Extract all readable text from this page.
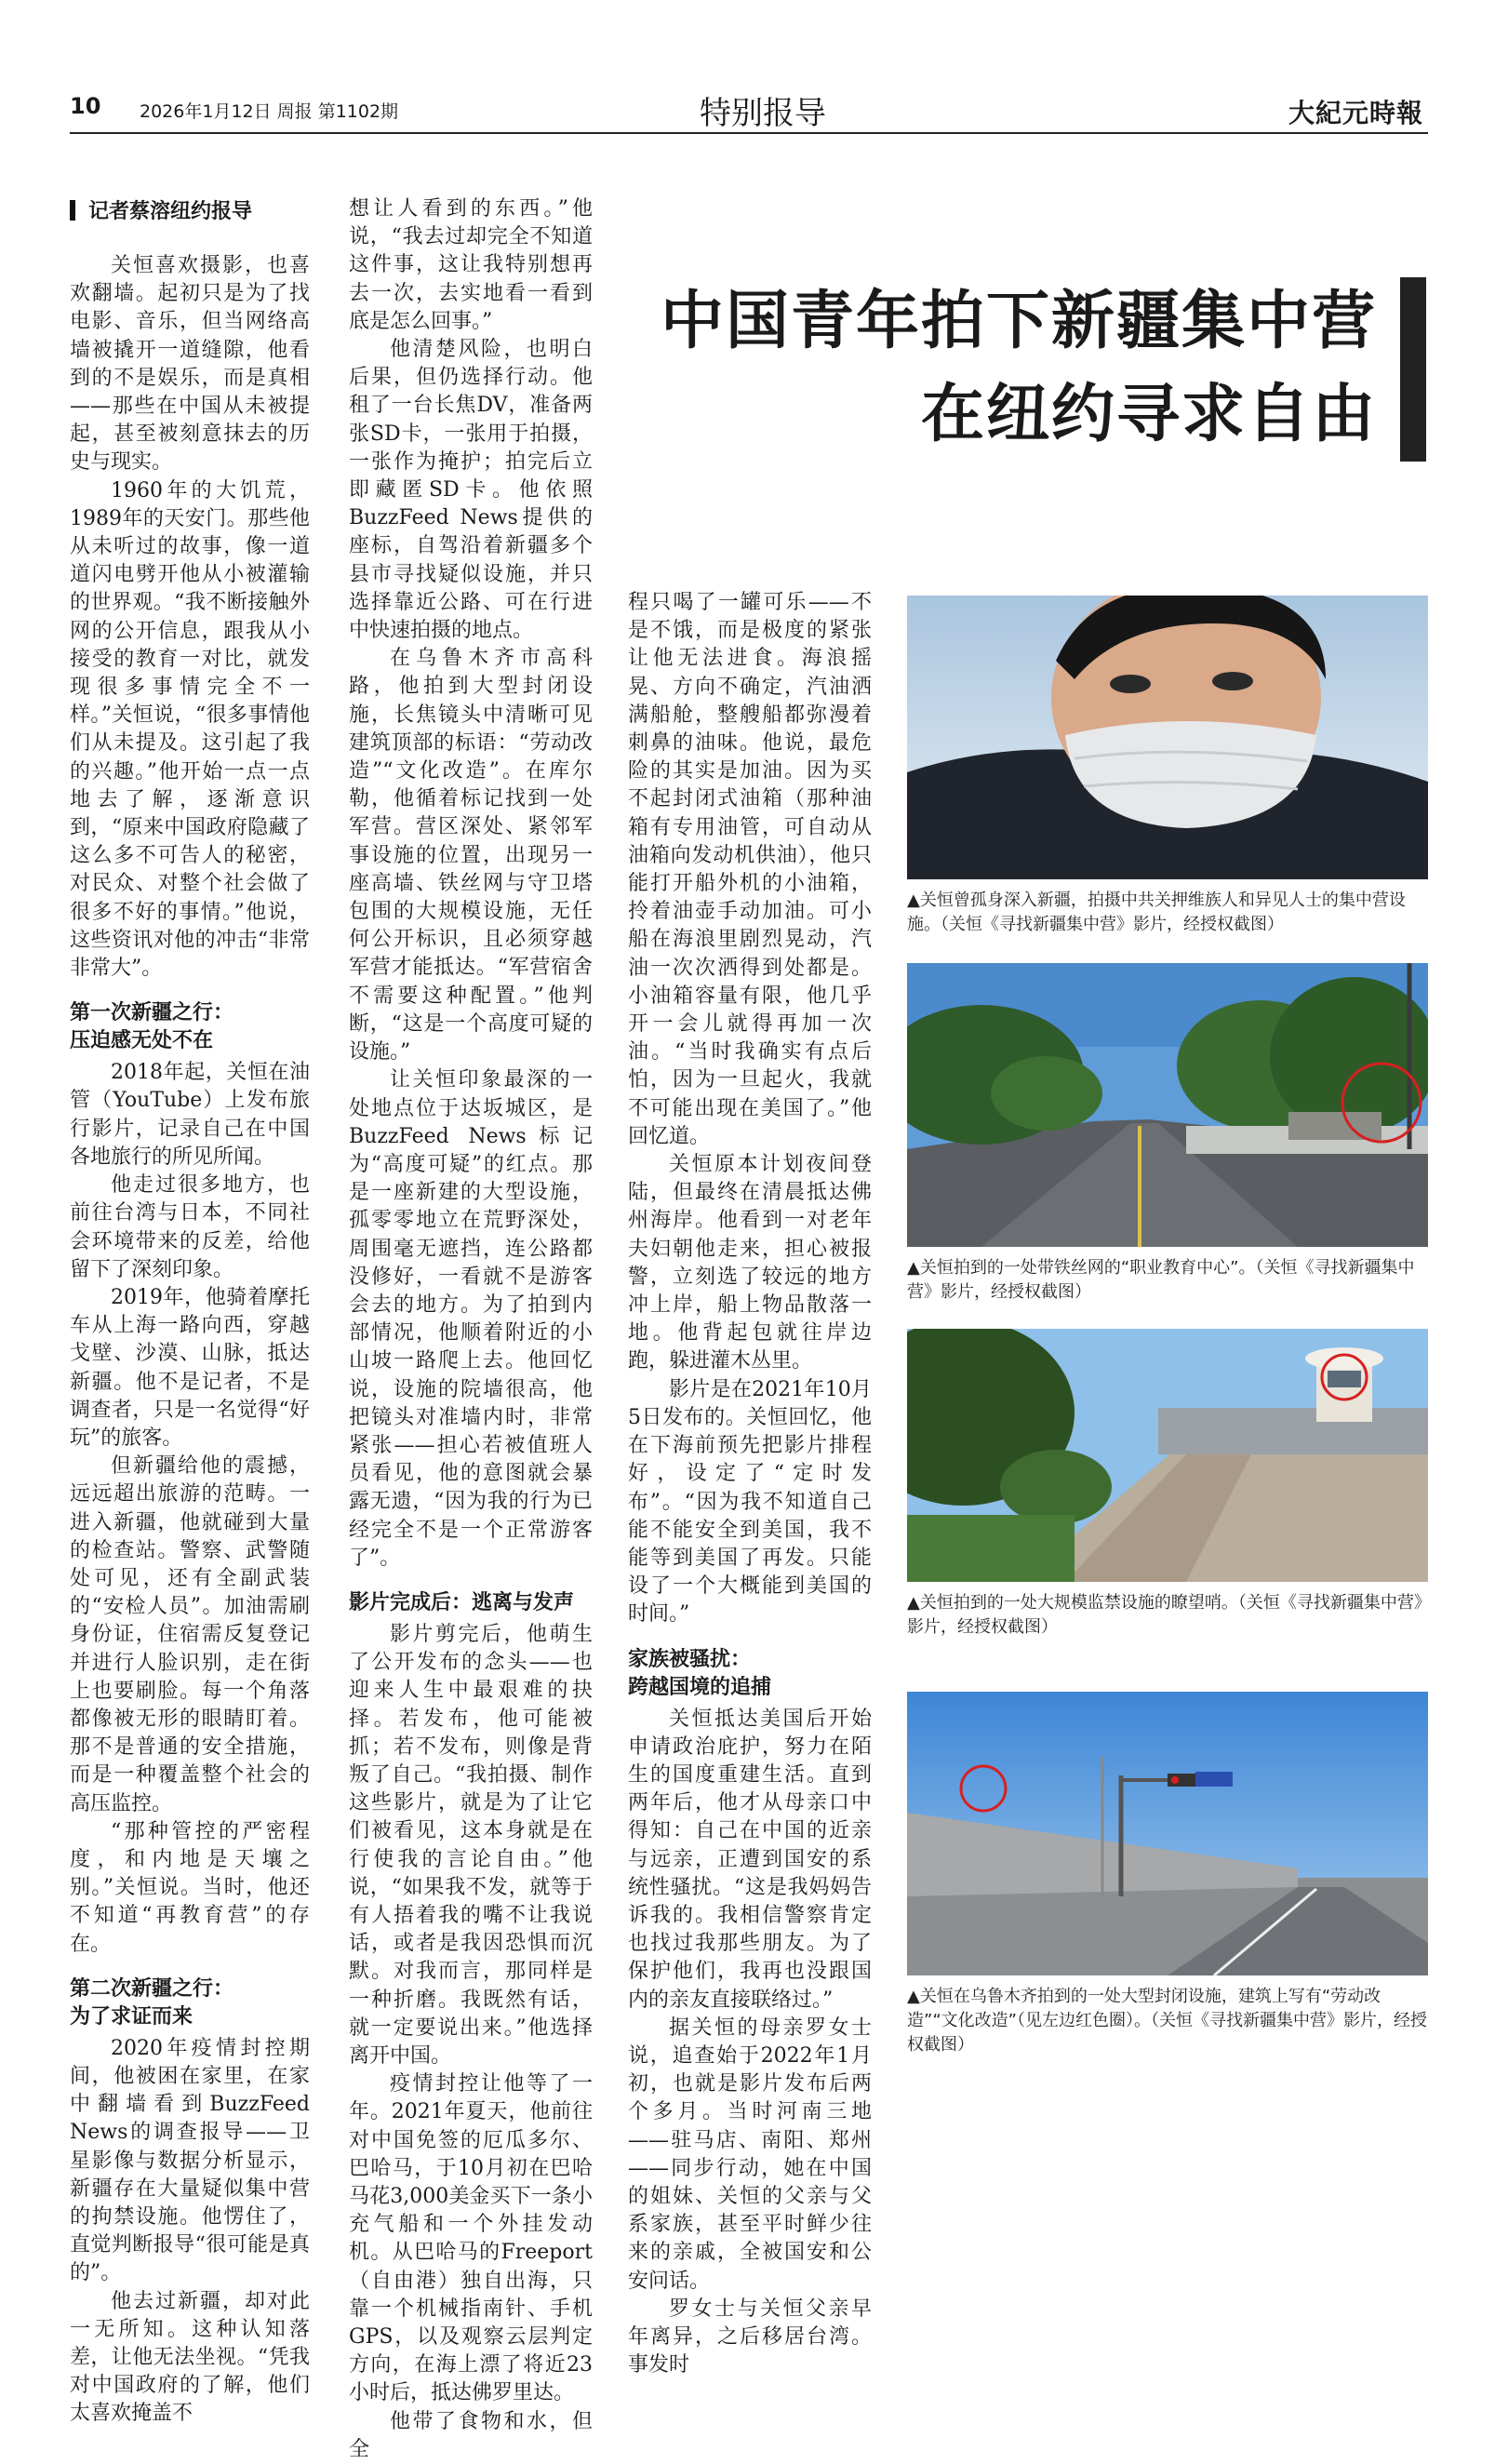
10 2026年1月12日 周报 第1102期	特别报导	大紀元時報
中国青年拍下新疆集中营
在纽约寻求自由
记者蔡溶纽约报导

关恒喜欢摄影，也喜欢翻墙。起初只是为了找电影、音乐，但当网络高墙被撬开一道缝隙，他看到的不是娱乐，而是真相——那些在中国从未被提起，甚至被刻意抹去的历史与现实。

1960年的大饥荒，1989年的天安门。那些他从未听过的故事，像一道道闪电劈开他从小被灌输的世界观。“我不断接触外网的公开信息，跟我从小接受的教育一对比，就发现很多事情完全不一样。”关恒说，“很多事情他们从未提及。这引起了我的兴趣。”他开始一点一点地去了解，逐渐意识到，“原来中国政府隐藏了这么多不可告人的秘密，对民众、对整个社会做了很多不好的事情。”他说，这些资讯对他的冲击“非常非常大”。

第一次新疆之行：
压迫感无处不在

2018年起，关恒在油管（YouTube）上发布旅行影片，记录自己在中国各地旅行的所见所闻。

他走过很多地方，也前往台湾与日本，不同社会环境带来的反差，给他留下了深刻印象。

2019年，他骑着摩托车从上海一路向西，穿越戈壁、沙漠、山脉，抵达新疆。他不是记者，不是调查者，只是一名觉得“好玩”的旅客。

但新疆给他的震撼，远远超出旅游的范畴。一进入新疆，他就碰到大量的检查站。警察、武警随处可见，还有全副武装的“安检人员”。加油需刷身份证，住宿需反复登记并进行人脸识别，走在街上也要刷脸。每一个角落都像被无形的眼睛盯着。那不是普通的安全措施，而是一种覆盖整个社会的高压监控。

“那种管控的严密程度，和内地是天壤之别。”关恒说。当时，他还不知道“再教育营”的存在。

第二次新疆之行：
为了求证而来

2020年疫情封控期间，他被困在家里，在家中翻墙看到BuzzFeed News的调查报导——卫星影像与数据分析显示，新疆存在大量疑似集中营的拘禁设施。他愣住了，直觉判断报导“很可能是真的”。

他去过新疆，却对此一无所知。这种认知落差，让他无法坐视。“凭我对中国政府的了解，他们太喜欢掩盖不

想让人看到的东西。”他说，“我去过却完全不知道这件事，这让我特别想再去一次，去实地看一看到底是怎么回事。”

他清楚风险，也明白后果，但仍选择行动。他租了一台长焦DV，准备两张SD卡，一张用于拍摄，一张作为掩护；拍完后立即藏匿SD卡。他依照BuzzFeed News提供的座标，自驾沿着新疆多个县市寻找疑似设施，并只选择靠近公路、可在行进中快速拍摄的地点。

在乌鲁木齐市高科路，他拍到大型封闭设施，长焦镜头中清晰可见建筑顶部的标语：“劳动改造”“文化改造”。在库尔勒，他循着标记找到一处军营。营区深处、紧邻军事设施的位置，出现另一座高墙、铁丝网与守卫塔包围的大规模设施，无任何公开标识，且必须穿越军营才能抵达。“军营宿舍不需要这种配置。”他判断，“这是一个高度可疑的设施。”

让关恒印象最深的一处地点位于达坂城区，是BuzzFeed News标记为“高度可疑”的红点。那是一座新建的大型设施，孤零零地立在荒野深处，周围毫无遮挡，连公路都没修好，一看就不是游客会去的地方。为了拍到内部情况，他顺着附近的小山坡一路爬上去。他回忆说，设施的院墙很高，他把镜头对准墙内时，非常紧张——担心若被值班人员看见，他的意图就会暴露无遗，“因为我的行为已经完全不是一个正常游客了”。

影片完成后：逃离与发声

影片剪完后，他萌生了公开发布的念头——也迎来人生中最艰难的抉择。若发布，他可能被抓；若不发布，则像是背叛了自己。“我拍摄、制作这些影片，就是为了让它们被看见，这本身就是在行使我的言论自由。”他说，“如果我不发，就等于有人捂着我的嘴不让我说话，或者是我因恐惧而沉默。对我而言，那同样是一种折磨。我既然有话，就一定要说出来。”他选择离开中国。

疫情封控让他等了一年。2021年夏天，他前往对中国免签的厄瓜多尔、巴哈马，于10月初在巴哈马花3,000美金买下一条小充气船和一个外挂发动机。从巴哈马的Freeport（自由港）独自出海，只靠一个机械指南针、手机GPS，以及观察云层判定方向，在海上漂了将近23小时后，抵达佛罗里达。

他带了食物和水，但全

程只喝了一罐可乐——不是不饿，而是极度的紧张让他无法进食。海浪摇晃、方向不确定，汽油洒满船舱，整艘船都弥漫着刺鼻的油味。他说，最危险的其实是加油。因为买不起封闭式油箱（那种油箱有专用油管，可自动从油箱向发动机供油），他只能打开船外机的小油箱，拎着油壶手动加油。可小船在海浪里剧烈晃动，汽油一次次洒得到处都是。小油箱容量有限，他几乎开一会儿就得再加一次油。“当时我确实有点后怕，因为一旦起火，我就不可能出现在美国了。”他回忆道。

关恒原本计划夜间登陆，但最终在清晨抵达佛州海岸。他看到一对老年夫妇朝他走来，担心被报警，立刻选了较远的地方冲上岸，船上物品散落一地。他背起包就往岸边跑，躲进灌木丛里。

影片是在2021年10月5日发布的。关恒回忆，他在下海前预先把影片排程好，设定了“定时发布”。“因为我不知道自己能不能安全到美国，我不能等到美国了再发。只能设了一个大概能到美国的时间。”

家族被骚扰：
跨越国境的追捕

关恒抵达美国后开始申请政治庇护，努力在陌生的国度重建生活。直到两年后，他才从母亲口中得知：自己在中国的近亲与远亲，正遭到国安的系统性骚扰。“这是我妈妈告诉我的。我相信警察肯定也找过我那些朋友。为了保护他们，我再也没跟国内的亲友直接联络过。”

据关恒的母亲罗女士说，追查始于2022年1月初，也就是影片发布后两个多月。当时河南三地——驻马店、南阳、郑州——同步行动，她在中国的姐妹、关恒的父亲与父系家族，甚至平时鲜少往来的亲戚，全被国安和公安问话。

罗女士与关恒父亲早年离异，之后移居台湾。事发时

▲关恒曾孤身深入新疆，拍摄中共关押维族人和异见人士的集中营设施。（关恒《寻找新疆集中营》影片，经授权截图）
▲关恒拍到的一处带铁丝网的“职业教育中心”。（关恒《寻找新疆集中营》影片，经授权截图）
▲关恒拍到的一处大规模监禁设施的瞭望哨。（关恒《寻找新疆集中营》影片，经授权截图）
▲关恒在乌鲁木齐拍到的一处大型封闭设施，建筑上写有“劳动改造”“文化改造”（见左边红色圈）。（关恒《寻找新疆集中营》影片，经授权截图）
